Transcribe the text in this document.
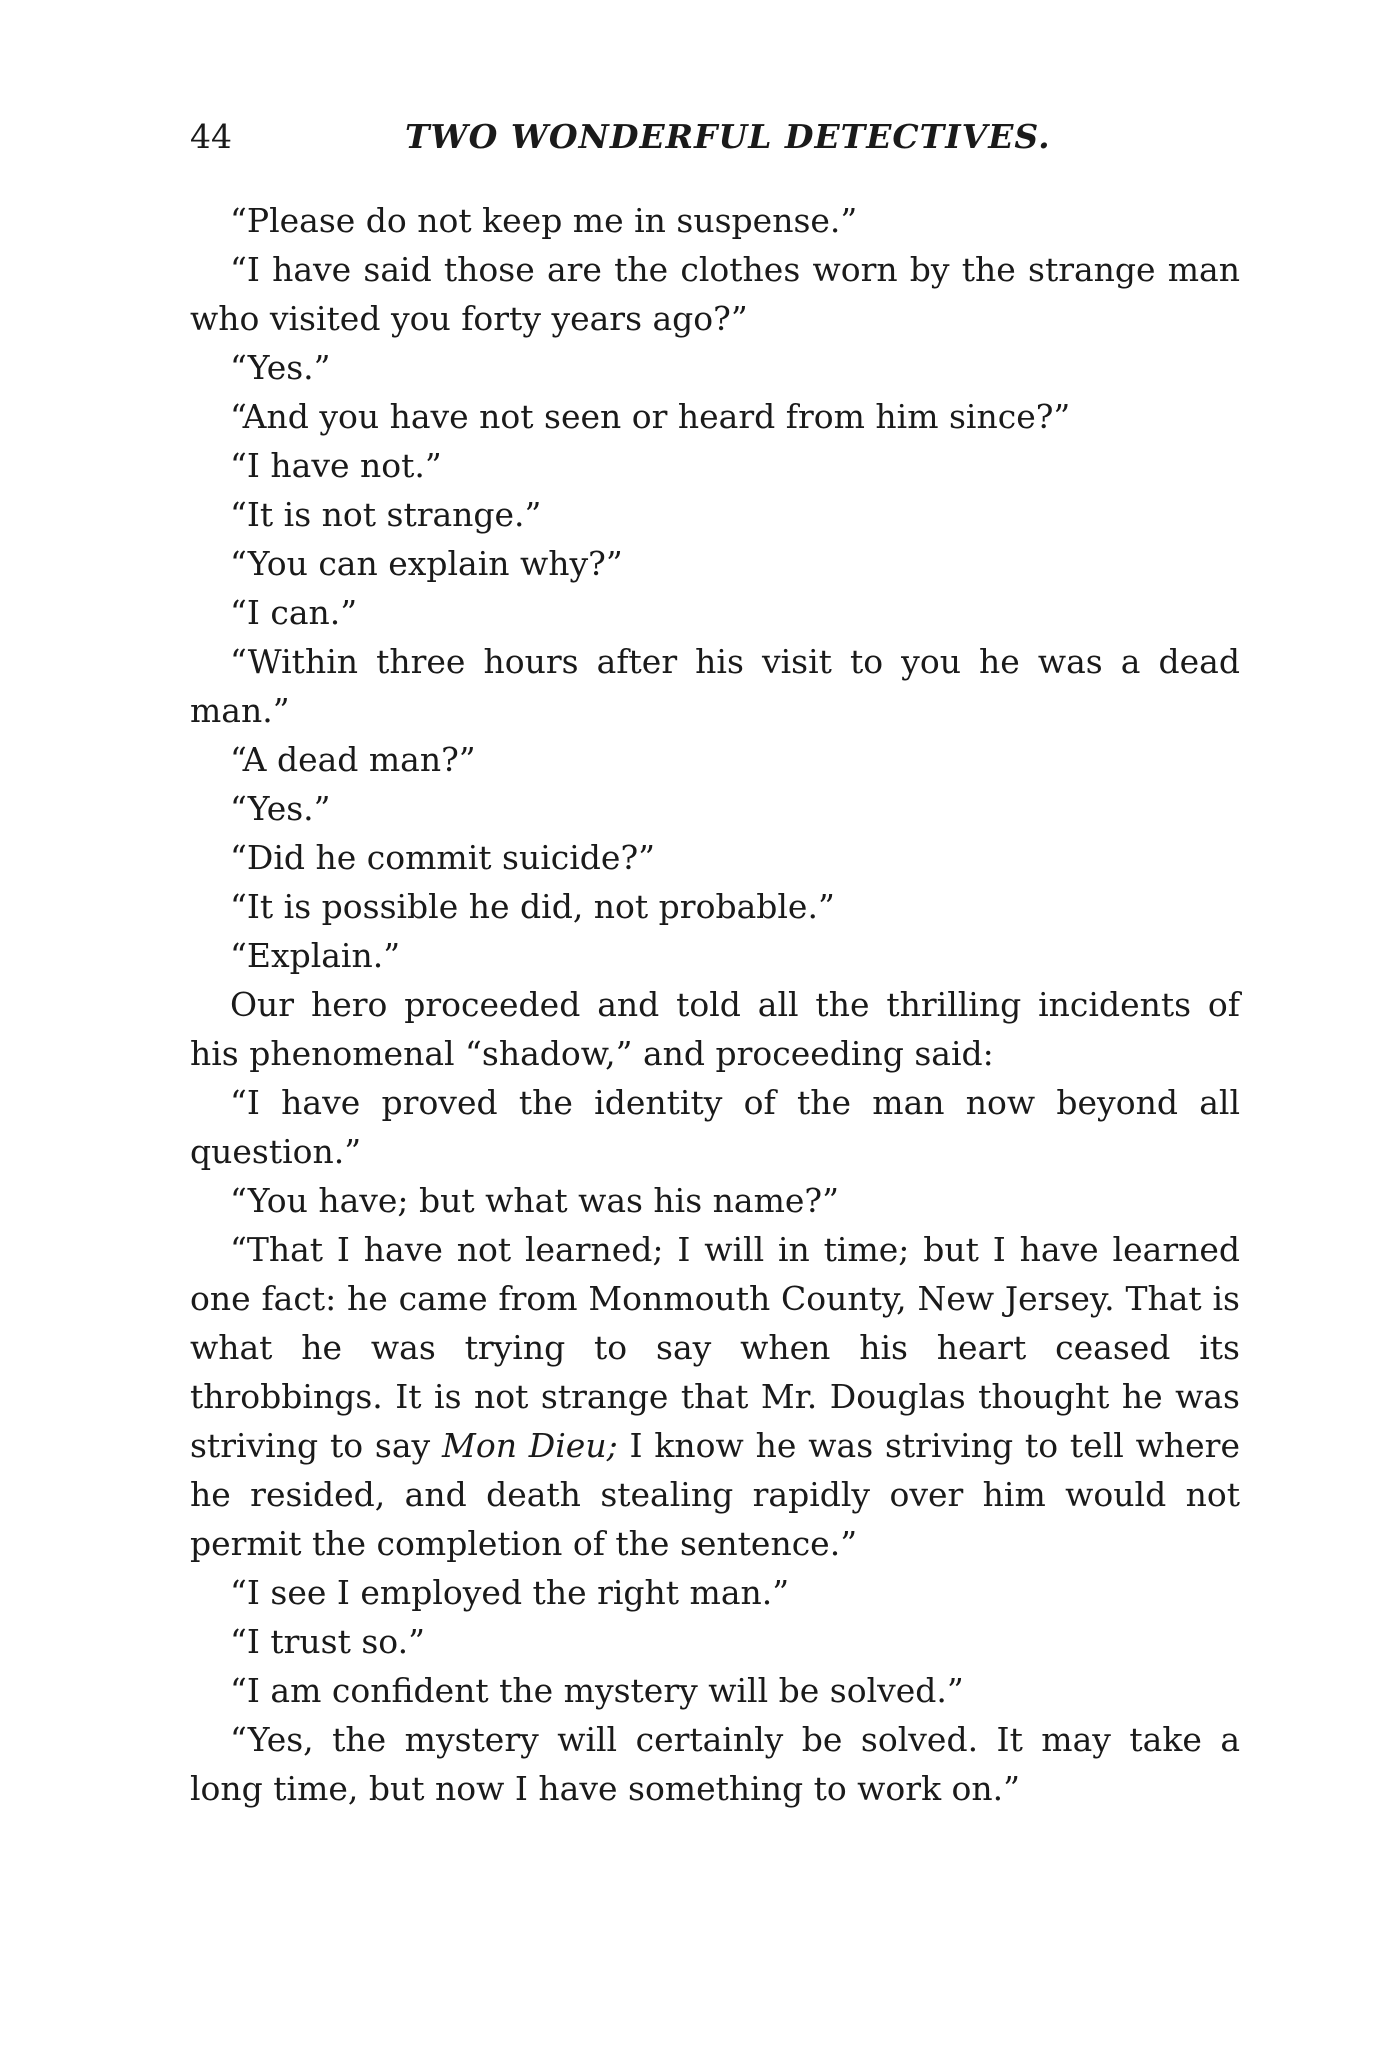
44	TWO WONDERFUL DETECTIVES.

“Please do not keep me in suspense.”

“I have said those are the clothes worn by the strange man who visited you forty years ago?”

“Yes.”

“And you have not seen or heard from him since?”

“I have not.”

“It is not strange.”

“You can explain why?”

“I can.”

“Within three hours after his visit to you he was a dead man.”

“A dead man?”

“Yes.”

“Did he commit suicide?”

“It is possible he did, not probable.”

“Explain.”

Our hero proceeded and told all the thrilling incidents of his phenomenal “shadow,” and proceeding said:

“I have proved the identity of the man now beyond all question.”

“You have; but what was his name?”

“That I have not learned; I will in time; but I have learned one fact: he came from Monmouth County, New Jersey. That is what he was trying to say when his heart ceased its throbbings. It is not strange that Mr. Douglas thought he was striving to say Mon Dieu; I know he was striving to tell where he resided, and death stealing rapidly over him would not permit the completion of the sentence.”

“I see I employed the right man.”

“I trust so.”

“I am confident the mystery will be solved.”

“Yes, the mystery will certainly be solved. It may take a long time, but now I have something to work on.”
